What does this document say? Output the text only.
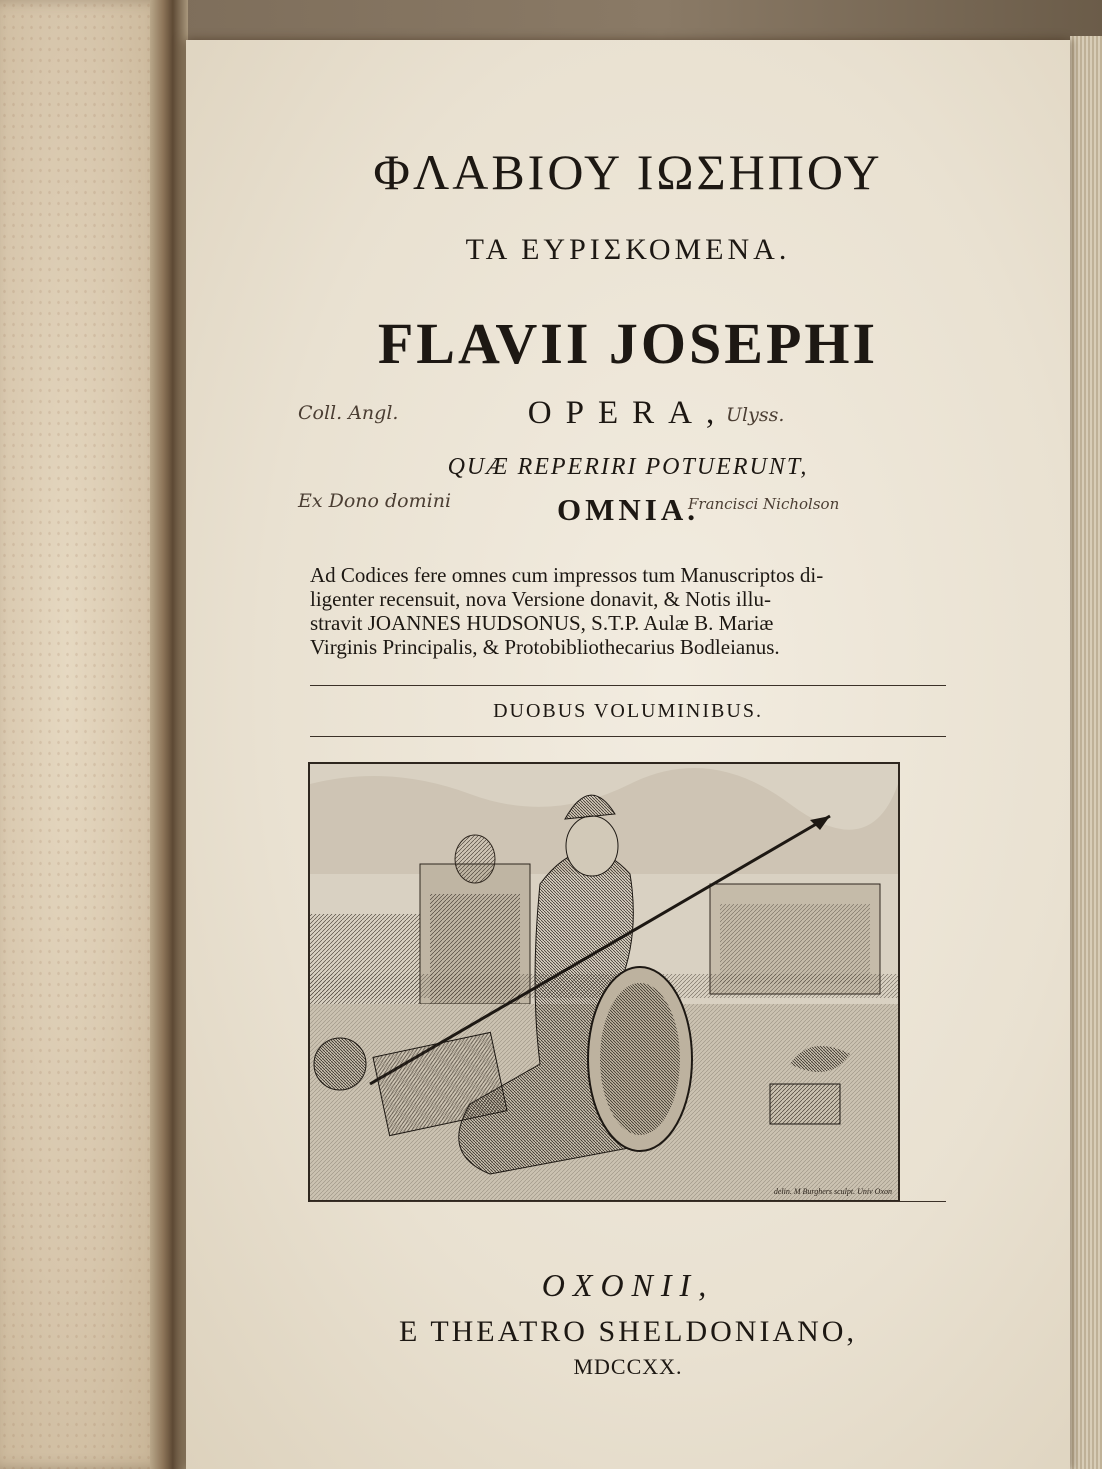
ΦΛΑΒΙΟΥ ΙΩΣΗΠΟΥ
ΤΑ ΕΥΡΙΣΚΟΜΕΝΑ.
FLAVII JOSEPHI
OPERA,
QUÆ REPERIRI POTUERUNT,
OMNIA.
Coll. Angl.	Ulyss.
Ex Dono domini	Francisci Nicholson
Ad Codices fere omnes cum impressos tum Manuscriptos di-
ligenter recensuit, nova Versione donavit, & Notis illu-
stravit JOANNES HUDSONUS, S.T.P. Aulæ B. Mariæ
Virginis Principalis, & Protobibliothecarius Bodleianus.
DUOBUS VOLUMINIBUS.
delin. M Burghers sculpt. Univ Oxon
OXONII,
E THEATRO SHELDONIANO,
MDCCXX.
